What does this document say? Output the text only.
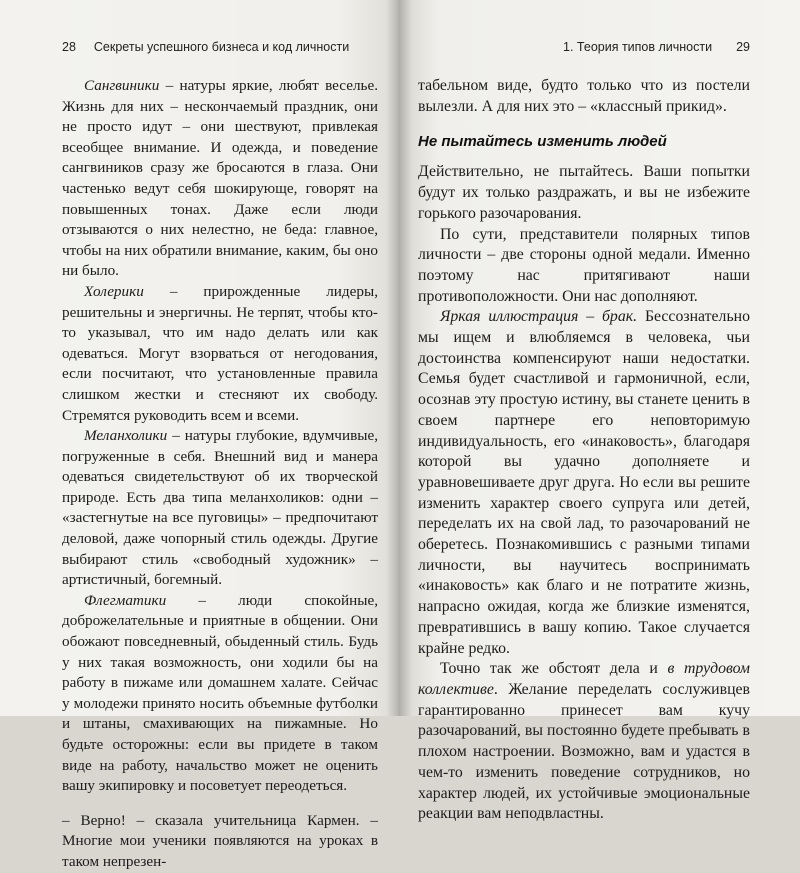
28	Секреты успешного бизнеса и код личности

Сангвиники – натуры яркие, любят веселье. Жизнь для них – нескончаемый праздник, они не просто идут – они шествуют, привлекая всеобщее внимание. И одежда, и поведение сангвиников сразу же бросаются в глаза. Они частенько ведут себя шокирующе, говорят на повышенных тонах. Даже если люди отзываются о них нелестно, не беда: главное, чтобы на них обратили внимание, каким, бы оно ни было.

Холерики – прирожденные лидеры, решительны и энергичны. Не терпят, чтобы кто-то указывал, что им надо делать или как одеваться. Могут взорваться от негодования, если посчитают, что установленные правила слишком жестки и стесняют их свободу. Стремятся руководить всем и всеми.

Меланхолики – натуры глубокие, вдумчивые, погруженные в себя. Внешний вид и манера одеваться свидетельствуют об их творческой природе. Есть два типа меланхоликов: одни – «застегнутые на все пуговицы» – предпочитают деловой, даже чопорный стиль одежды. Другие выбирают стиль «свободный художник» – артистичный, богемный.

Флегматики – люди спокойные, доброжелательные и приятные в общении. Они обожают повседневный, обыденный стиль. Будь у них такая возможность, они ходили бы на работу в пижаме или домашнем халате. Сейчас у молодежи принято носить объемные футболки и штаны, смахивающих на пижамные. Но будьте осторожны: если вы придете в таком виде на работу, начальство может не оценить вашу экипировку и посоветует переодеться.

– Верно! – сказала учительница Кармен. – Многие мои ученики появляются на уроках в таком непрезен-

1. Теория типов личности	29

табельном виде, будто только что из постели вылезли. А для них это – «классный прикид».

Не пытайтесь изменить людей

Действительно, не пытайтесь. Ваши попытки будут их только раздражать, и вы не избежите горького разочарования.

По сути, представители полярных типов личности – две стороны одной медали. Именно поэтому нас притягивают наши противоположности. Они нас дополняют.

Яркая иллюстрация – брак. Бессознательно мы ищем и влюбляемся в человека, чьи достоинства компенсируют наши недостатки. Семья будет счастливой и гармоничной, если, осознав эту простую истину, вы станете ценить в своем партнере его неповторимую индивидуальность, его «инаковость», благодаря которой вы удачно дополняете и уравновешиваете друг друга. Но если вы решите изменить характер своего супруга или детей, переделать их на свой лад, то разочарований не оберетесь. Познакомившись с разными типами личности, вы научитесь воспринимать «инаковость» как благо и не потратите жизнь, напрасно ожидая, когда же близкие изменятся, превратившись в вашу копию. Такое случается крайне редко.

Точно так же обстоят дела и в трудовом коллективе. Желание переделать сослуживцев гарантированно принесет вам кучу разочарований, вы постоянно будете пребывать в плохом настроении. Возможно, вам и удастся в чем-то изменить поведение сотрудников, но характер людей, их устойчивые эмоциональные реакции вам неподвластны.
